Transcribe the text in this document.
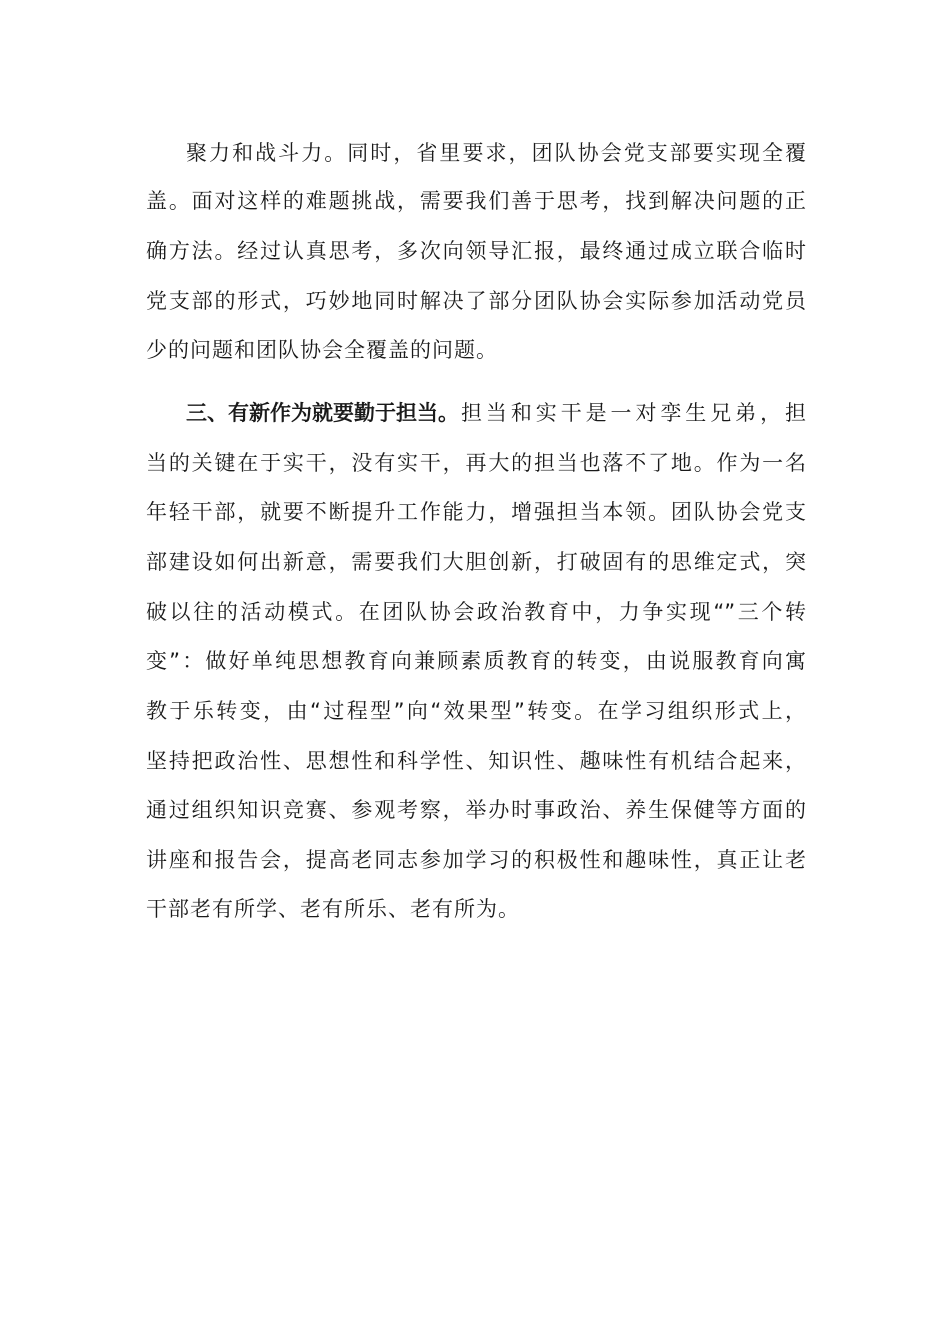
聚力和战斗力。同时，省里要求，团队协会党支部要实现全覆
盖。面对这样的难题挑战，需要我们善于思考，找到解决问题的正
确方法。经过认真思考，多次向领导汇报，最终通过成立联合临时
党支部的形式，巧妙地同时解决了部分团队协会实际参加活动党员
少的问题和团队协会全覆盖的问题。
三、有新作为就要勤于担当。 担当和实干是一对孪生兄弟，担
当的关键在于实干，没有实干，再大的担当也落不了地。作为一名
年轻干部，就要不断提升工作能力，增强担当本领。团队协会党支
部建设如何出新意，需要我们大胆创新，打破固有的思维定式，突
破以往的活动模式。在团队协会政治教育中，力争实现“”三个转
变”：做好单纯思想教育向兼顾素质教育的转变，由说服教育向寓
教于乐转变，由“过程型”向“效果型”转变。在学习组织形式上，
坚持把政治性、思想性和科学性、知识性、趣味性有机结合起来，
通过组织知识竞赛、参观考察，举办时事政治、养生保健等方面的
讲座和报告会，提高老同志参加学习的积极性和趣味性，真正让老
干部老有所学、老有所乐、老有所为。
